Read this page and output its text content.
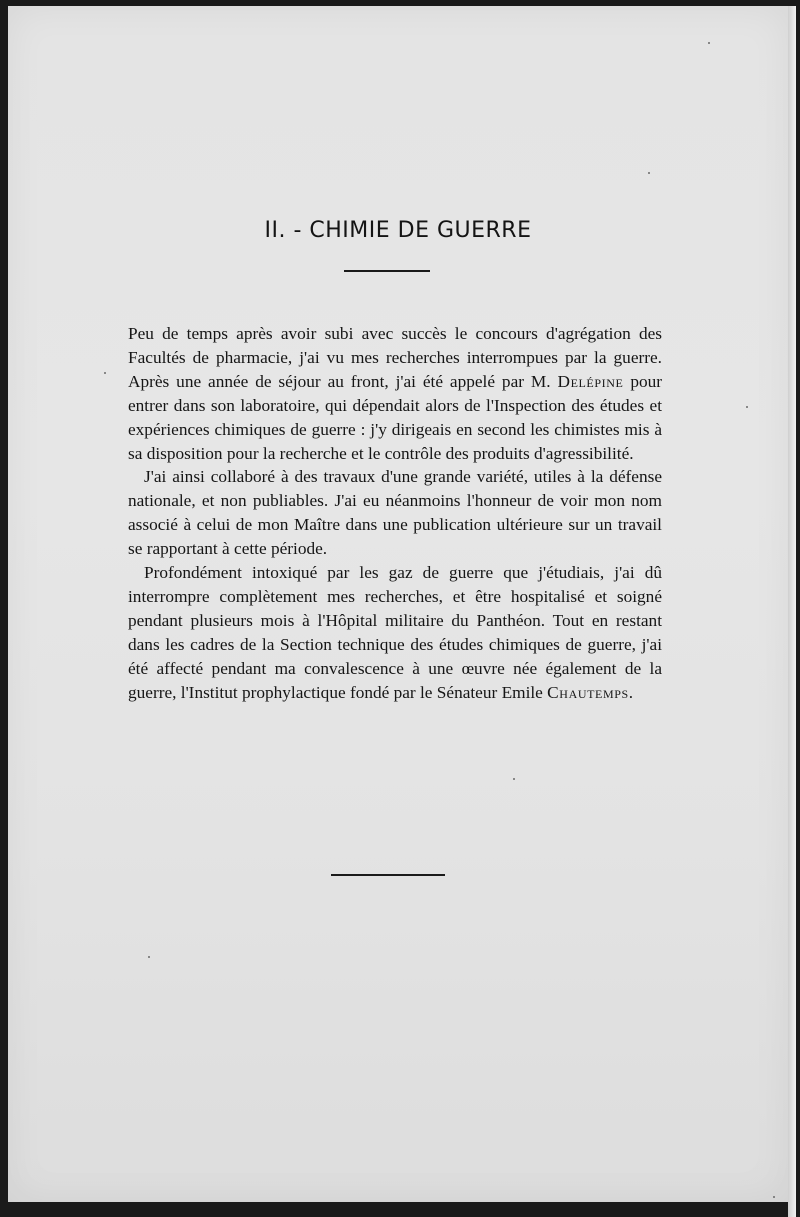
II. - CHIMIE DE GUERRE

Peu de temps après avoir subi avec succès le concours d'agrégation des Facultés de pharmacie, j'ai vu mes recherches interrompues par la guerre. Après une année de séjour au front, j'ai été appelé par M. Delépine pour entrer dans son laboratoire, qui dépendait alors de l'Inspection des études et expériences chimiques de guerre : j'y dirigeais en second les chimistes mis à sa disposition pour la recherche et le contrôle des produits d'agressibilité.

J'ai ainsi collaboré à des travaux d'une grande variété, utiles à la défense nationale, et non publiables. J'ai eu néanmoins l'honneur de voir mon nom associé à celui de mon Maître dans une publication ultérieure sur un travail se rapportant à cette période.

Profondément intoxiqué par les gaz de guerre que j'étudiais, j'ai dû interrompre complètement mes recherches, et être hospitalisé et soigné pendant plusieurs mois à l'Hôpital militaire du Panthéon. Tout en restant dans les cadres de la Section technique des études chimiques de guerre, j'ai été affecté pendant ma convalescence à une œuvre née également de la guerre, l'Institut prophylactique fondé par le Sénateur Emile Chautemps.
